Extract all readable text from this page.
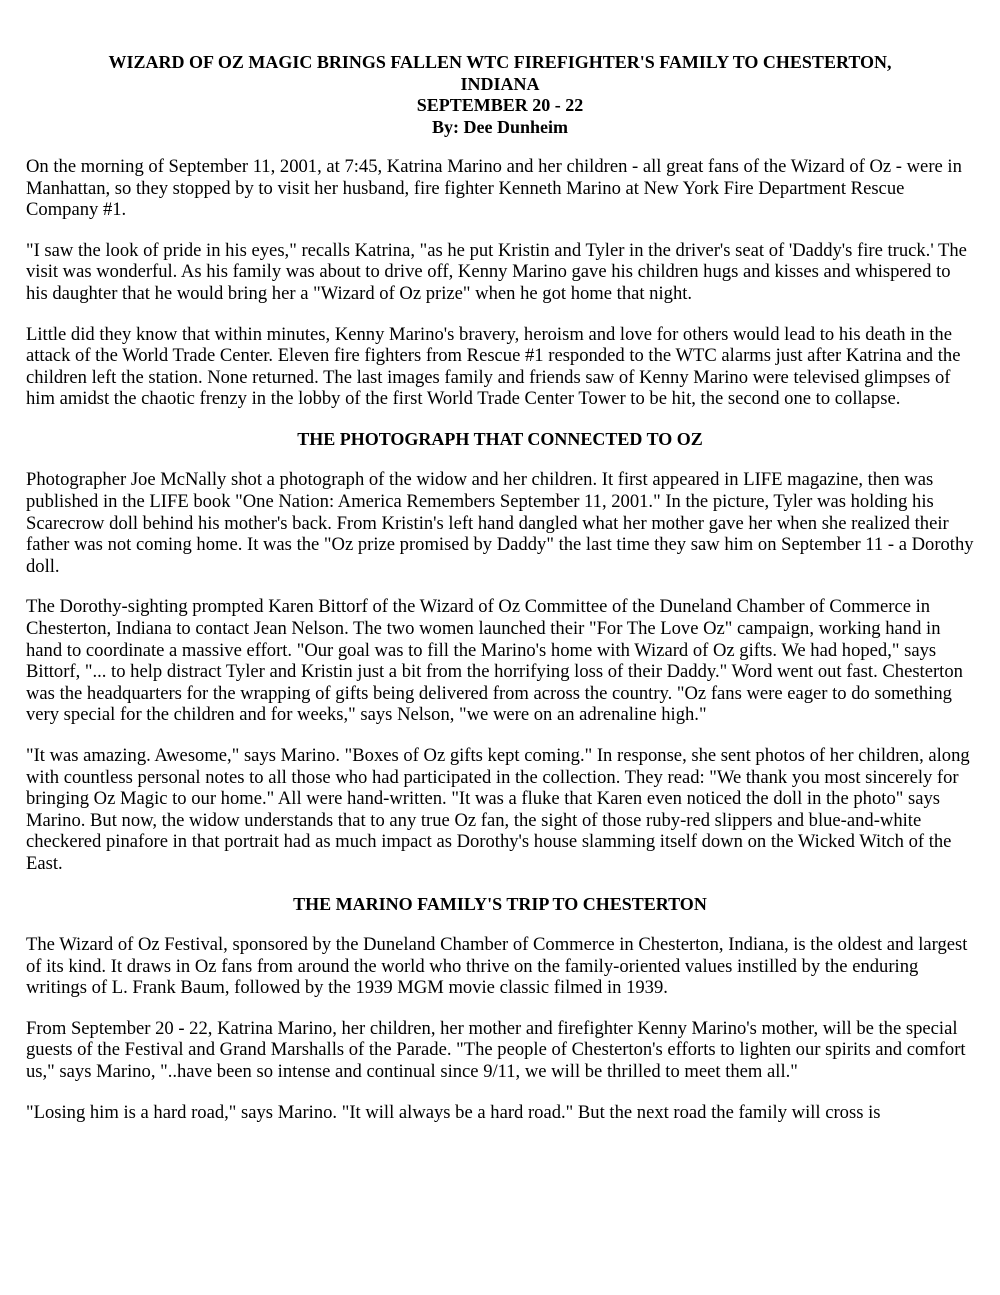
WIZARD OF OZ MAGIC BRINGS FALLEN WTC FIREFIGHTER'S FAMILY TO CHESTERTON,
INDIANA
SEPTEMBER 20 - 22
By: Dee Dunheim

On the morning of September 11, 2001, at 7:45, Katrina Marino and her children - all great fans of the Wizard of Oz - were in Manhattan, so they stopped by to visit her husband, fire fighter Kenneth Marino at New York Fire Department Rescue Company #1.

"I saw the look of pride in his eyes," recalls Katrina, "as he put Kristin and Tyler in the driver's seat of 'Daddy's fire truck.' The visit was wonderful. As his family was about to drive off, Kenny Marino gave his children hugs and kisses and whispered to his daughter that he would bring her a "Wizard of Oz prize" when he got home that night.

Little did they know that within minutes, Kenny Marino's bravery, heroism and love for others would lead to his death in the attack of the World Trade Center. Eleven fire fighters from Rescue #1 responded to the WTC alarms just after Katrina and the children left the station. None returned. The last images family and friends saw of Kenny Marino were televised glimpses of him amidst the chaotic frenzy in the lobby of the first World Trade Center Tower to be hit, the second one to collapse.

THE PHOTOGRAPH THAT CONNECTED TO OZ

Photographer Joe McNally shot a photograph of the widow and her children. It first appeared in LIFE magazine, then was published in the LIFE book "One Nation: America Remembers September 11, 2001." In the picture, Tyler was holding his Scarecrow doll behind his mother's back. From Kristin's left hand dangled what her mother gave her when she realized their father was not coming home. It was the "Oz prize promised by Daddy" the last time they saw him on September 11 - a Dorothy doll.

The Dorothy-sighting prompted Karen Bittorf of the Wizard of Oz Committee of the Duneland Chamber of Commerce in Chesterton, Indiana to contact Jean Nelson. The two women launched their "For The Love Oz" campaign, working hand in hand to coordinate a massive effort. "Our goal was to fill the Marino's home with Wizard of Oz gifts. We had hoped," says Bittorf, "... to help distract Tyler and Kristin just a bit from the horrifying loss of their Daddy." Word went out fast. Chesterton was the headquarters for the wrapping of gifts being delivered from across the country. "Oz fans were eager to do something very special for the children and for weeks," says Nelson, "we were on an adrenaline high."

"It was amazing. Awesome," says Marino. "Boxes of Oz gifts kept coming." In response, she sent photos of her children, along with countless personal notes to all those who had participated in the collection. They read: "We thank you most sincerely for bringing Oz Magic to our home." All were hand-written. "It was a fluke that Karen even noticed the doll in the photo" says Marino. But now, the widow understands that to any true Oz fan, the sight of those ruby-red slippers and blue-and-white checkered pinafore in that portrait had as much impact as Dorothy's house slamming itself down on the Wicked Witch of the East.

THE MARINO FAMILY'S TRIP TO CHESTERTON

The Wizard of Oz Festival, sponsored by the Duneland Chamber of Commerce in Chesterton, Indiana, is the oldest and largest of its kind. It draws in Oz fans from around the world who thrive on the family-oriented values instilled by the enduring writings of L. Frank Baum, followed by the 1939 MGM movie classic filmed in 1939.

From September 20 - 22, Katrina Marino, her children, her mother and firefighter Kenny Marino's mother, will be the special guests of the Festival and Grand Marshalls of the Parade. "The people of Chesterton's efforts to lighten our spirits and comfort us," says Marino, "..have been so intense and continual since 9/11, we will be thrilled to meet them all."

"Losing him is a hard road," says Marino. "It will always be a hard road." But the next road the family will cross is
